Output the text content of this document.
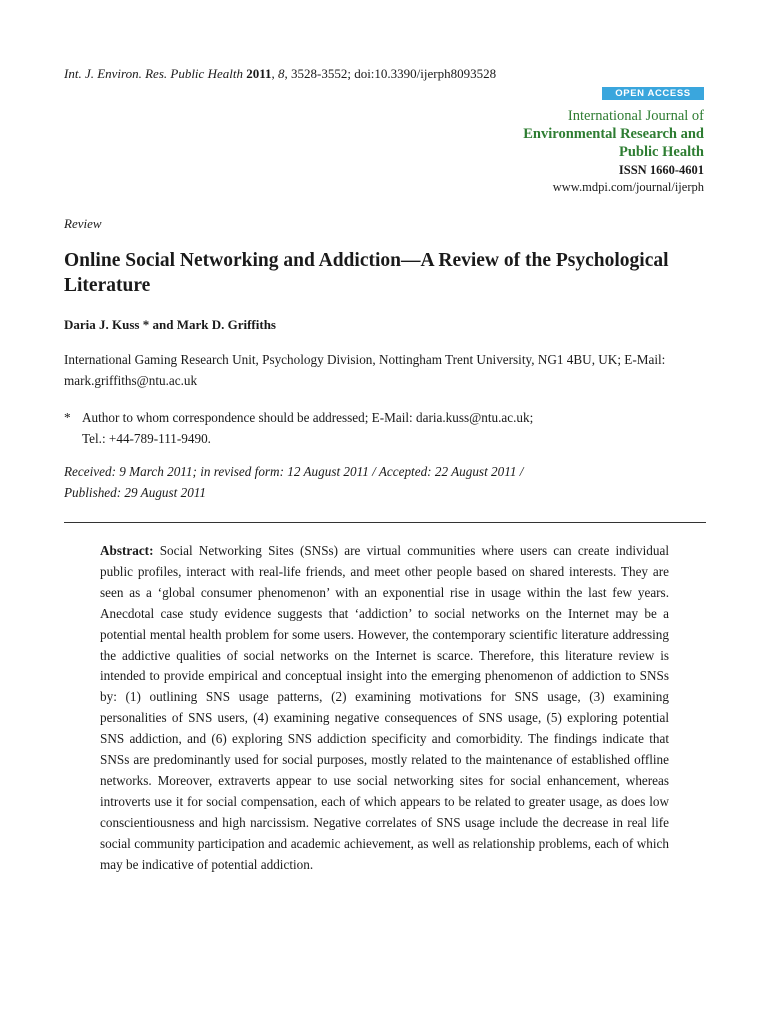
Int. J. Environ. Res. Public Health 2011, 8, 3528-3552; doi:10.3390/ijerph8093528
OPEN ACCESS
International Journal of
Environmental Research and
Public Health
ISSN 1660-4601
www.mdpi.com/journal/ijerph
Review
Online Social Networking and Addiction—A Review of the Psychological Literature
Daria J. Kuss * and Mark D. Griffiths
International Gaming Research Unit, Psychology Division, Nottingham Trent University, NG1 4BU, UK; E-Mail: mark.griffiths@ntu.ac.uk
* Author to whom correspondence should be addressed; E-Mail: daria.kuss@ntu.ac.uk;
Tel.: +44-789-111-9490.
Received: 9 March 2011; in revised form: 12 August 2011 / Accepted: 22 August 2011 /
Published: 29 August 2011

Abstract: Social Networking Sites (SNSs) are virtual communities where users can create individual public profiles, interact with real-life friends, and meet other people based on shared interests. They are seen as a ‘global consumer phenomenon’ with an exponential rise in usage within the last few years. Anecdotal case study evidence suggests that ‘addiction’ to social networks on the Internet may be a potential mental health problem for some users. However, the contemporary scientific literature addressing the addictive qualities of social networks on the Internet is scarce. Therefore, this literature review is intended to provide empirical and conceptual insight into the emerging phenomenon of addiction to SNSs by: (1) outlining SNS usage patterns, (2) examining motivations for SNS usage, (3) examining personalities of SNS users, (4) examining negative consequences of SNS usage, (5) exploring potential SNS addiction, and (6) exploring SNS addiction specificity and comorbidity. The findings indicate that SNSs are predominantly used for social purposes, mostly related to the maintenance of established offline networks. Moreover, extraverts appear to use social networking sites for social enhancement, whereas introverts use it for social compensation, each of which appears to be related to greater usage, as does low conscientiousness and high narcissism. Negative correlates of SNS usage include the decrease in real life social community participation and academic achievement, as well as relationship problems, each of which may be indicative of potential addiction.
